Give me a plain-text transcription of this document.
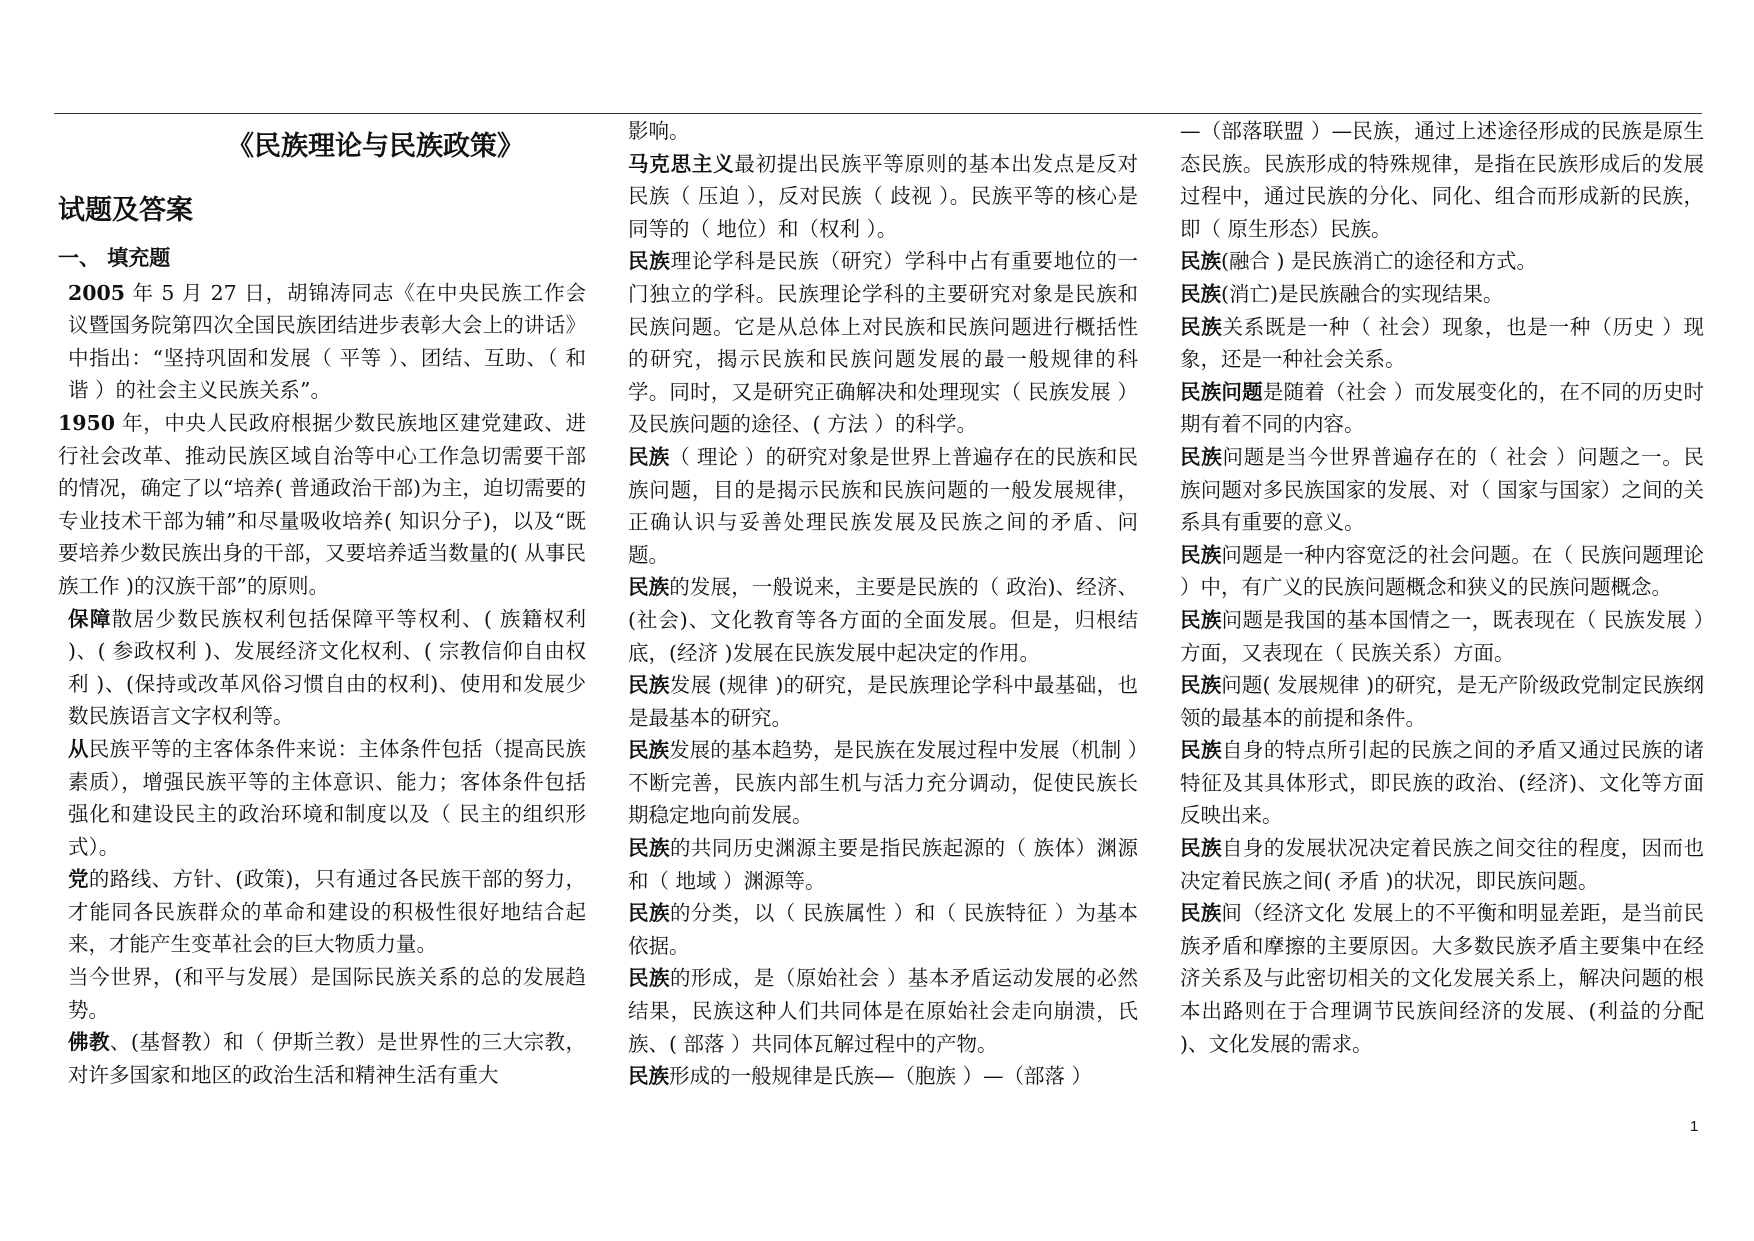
《民族理论与民族政策》
试题及答案
一、 填充题
2005 年 5 月 27 日，胡锦涛同志《在中央民族工作会议暨国务院第四次全国民族团结进步表彰大会上的讲话》中指出：“坚持巩固和发展（ 平等 ）、团结、互助、（ 和谐 ）的社会主义民族关系”。
1950 年，中央人民政府根据少数民族地区建党建政、进行社会改革、推动民族区域自治等中心工作急切需要干部的情况，确定了以“培养( 普通政治干部)为主，迫切需要的专业技术干部为辅”和尽量吸收培养( 知识分子)，以及“既要培养少数民族出身的干部，又要培养适当数量的( 从事民族工作 )的汉族干部”的原则。
保障散居少数民族权利包括保障平等权利、( 族籍权利 )、( 参政权利 )、发展经济文化权利、( 宗教信仰自由权利 )、(保持或改革风俗习惯自由的权利)、使用和发展少数民族语言文字权利等。
从民族平等的主客体条件来说：主体条件包括（提高民族素质），增强民族平等的主体意识、能力；客体条件包括强化和建设民主的政治环境和制度以及（ 民主的组织形式）。
党的路线、方针、(政策)，只有通过各民族干部的努力，才能同各民族群众的革命和建设的积极性很好地结合起来，才能产生变革社会的巨大物质力量。
当今世界，(和平与发展）是国际民族关系的总的发展趋势。
佛教、(基督教）和（ 伊斯兰教）是世界性的三大宗教，对许多国家和地区的政治生活和精神生活有重大
影响。
马克思主义最初提出民族平等原则的基本出发点是反对民族（ 压迫 ），反对民族（ 歧视 ）。民族平等的核心是同等的（ 地位）和（权利 ）。
民族理论学科是民族（研究）学科中占有重要地位的一门独立的学科。民族理论学科的主要研究对象是民族和民族问题。它是从总体上对民族和民族问题进行概括性的研究，揭示民族和民族问题发展的最一般规律的科学。同时，又是研究正确解决和处理现实（ 民族发展 ）及民族问题的途径、( 方法 ）的科学。
民族（ 理论 ）的研究对象是世界上普遍存在的民族和民族问题，目的是揭示民族和民族问题的一般发展规律，正确认识与妥善处理民族发展及民族之间的矛盾、问题。
民族的发展，一般说来，主要是民族的（ 政治)、经济、(社会)、文化教育等各方面的全面发展。但是，归根结底，(经济 )发展在民族发展中起决定的作用。
民族发展 (规律 )的研究，是民族理论学科中最基础，也是最基本的研究。
民族发展的基本趋势，是民族在发展过程中发展（机制 ）不断完善，民族内部生机与活力充分调动，促使民族长期稳定地向前发展。
民族的共同历史渊源主要是指民族起源的（ 族体）渊源和（ 地域 ）渊源等。
民族的分类，以（ 民族属性 ）和（ 民族特征 ）为基本依据。
民族的形成，是（原始社会 ）基本矛盾运动发展的必然结果，民族这种人们共同体是在原始社会走向崩溃，氏族、( 部落 ）共同体瓦解过程中的产物。
民族形成的一般规律是氏族—（胞族 ）—（部落 ）
—（部落联盟 ）—民族，通过上述途径形成的民族是原生态民族。民族形成的特殊规律，是指在民族形成后的发展过程中，通过民族的分化、同化、组合而形成新的民族，即（ 原生形态）民族。
民族(融合 ) 是民族消亡的途径和方式。
民族(消亡)是民族融合的实现结果。
民族关系既是一种（ 社会）现象，也是一种（历史 ）现象，还是一种社会关系。
民族问题是随着（社会 ）而发展变化的，在不同的历史时期有着不同的内容。
民族问题是当今世界普遍存在的（ 社会 ）问题之一。民族问题对多民族国家的发展、对（ 国家与国家）之间的关系具有重要的意义。
民族问题是一种内容宽泛的社会问题。在（ 民族问题理论 ）中，有广义的民族问题概念和狭义的民族问题概念。
民族问题是我国的基本国情之一，既表现在（ 民族发展 ）方面，又表现在（ 民族关系）方面。
民族问题( 发展规律 )的研究，是无产阶级政党制定民族纲领的最基本的前提和条件。
民族自身的特点所引起的民族之间的矛盾又通过民族的诸特征及其具体形式，即民族的政治、(经济)、文化等方面反映出来。
民族自身的发展状况决定着民族之间交往的程度，因而也决定着民族之间( 矛盾 )的状况，即民族问题。
民族间（经济文化 发展上的不平衡和明显差距，是当前民族矛盾和摩擦的主要原因。大多数民族矛盾主要集中在经济关系及与此密切相关的文化发展关系上，解决问题的根本出路则在于合理调节民族间经济的发展、(利益的分配 )、文化发展的需求。
1
